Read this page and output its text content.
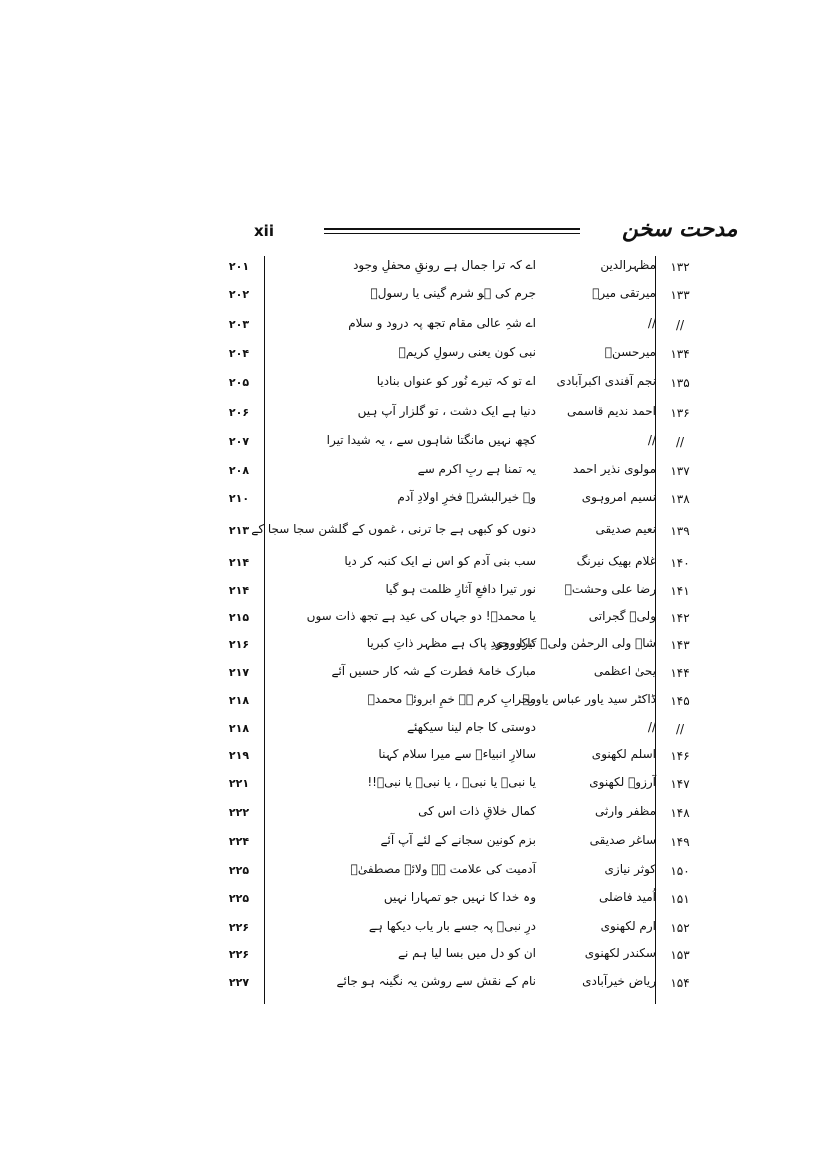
xii	مدحت سخن
۱۳۲
مظہرالدین
اے کہ ترا جمال ہے رونقِ محفلِ وجود
۲۰۱
۱۳۳
میرتقی میرؔ
جرم کی ہو شرم گینی یا رسولؐ
۲۰۲
//
//
اے شہِ عالی مقام تجھ پہ درود و سلام
۲۰۳
۱۳۴
میرحسنؔ
نبی کون یعنی رسولِ کریمؐ
۲۰۴
۱۳۵
نجم آفندی اکبرآبادی
اے تو کہ تیرے نُور کو عنواں بنادیا
۲۰۵
۱۳۶
احمد ندیم قاسمی
دنیا ہے ایک دشت ، تو گلزار آپ ہیں
۲۰۶
//
//
کچھ نہیں مانگتا شاہوں سے ، یہ شیدا تیرا
۲۰۷
۱۳۷
مولوی نذیر احمد
یہ تمنا ہے ربِ اکرم سے
۲۰۸
۱۳۸
نسیم امروہوی
وہ خیرالبشرؐ فخرِ اولادِ آدم
۲۱۰
۱۳۹
نعیم صدیقی
دنوں کو کبھی ہے جا ترنی ، غموں کے گلشن سجا سجا کے
۲۱۳
۱۴۰
غلام بھیک نیرنگ
سب بنی آدم کو اس نے ایک کنبہ کر دیا
۲۱۴
۱۴۱
رضا علی وحشتؔ
نور تیرا دافعِ آثارِ ظلمت ہو گیا
۲۱۴
۱۴۲
ولیؔ گجراتی
یا محمدؐ! دو جہاں کی عید ہے تجھ ذات سوں
۲۱۵
۱۴۳
شاہ ولی الرحمٰن ولیؔ کاکوروی
تیرا وجودِ پاک ہے مظہر ذاتِ کبریا
۲۱۶
۱۴۴
یحیٰ اعظمی
مبارک خامۂ فطرت کے شہ کار حسیں آئے
۲۱۷
۱۴۵
ڈاکٹر سید یاور عباس یاورؔ
محرابِ کرم ہے خمِ ابروئے محمدؐ
۲۱۸
//
//
دوستی کا جام لینا سیکھئے
۲۱۸
۱۴۶
اسلم لکھنوی
سالارِ انبیاءؑ سے میرا سلام کہنا
۲۱۹
۱۴۷
آرزوؔ لکھنوی
یا نبیؐ یا نبیؐ ، یا نبیؐ یا نبیؐ!!
۲۲۱
۱۴۸
مظفر وارثی
کمال خلاقِ ذات اس کی
۲۲۲
۱۴۹
ساغر صدیقی
بزم کونین سجانے کے لئے آپ آئے
۲۲۴
۱۵۰
کوثر نیازی
آدمیت کی علامت ہے ولائے مصطفیٰؐ
۲۲۵
۱۵۱
اُمید فاضلی
وہ خدا کا نہیں جو تمہارا نہیں
۲۲۵
۱۵۲
ارم لکھنوی
درِ نبیؐ پہ جسے بار یاب دیکھا ہے
۲۲۶
۱۵۳
سکندر لکھنوی
ان کو دل میں بسا لیا ہم نے
۲۲۶
۱۵۴
ریاض خیرآبادی
نام کے نقش سے روشن یہ نگینہ ہو جائے
۲۲۷
